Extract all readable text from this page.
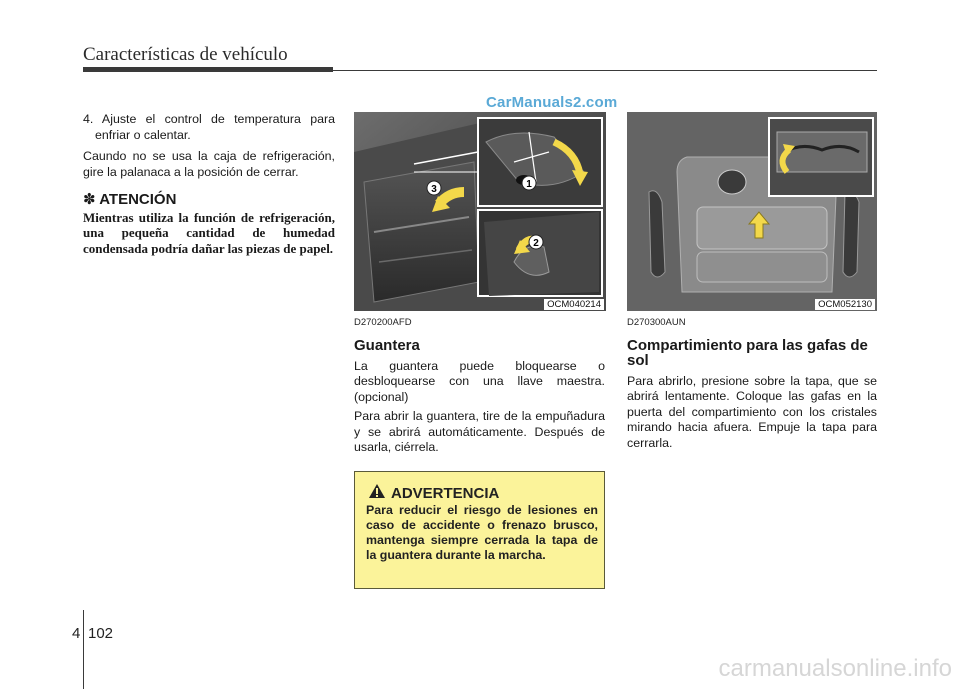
Características de vehículo
CarManuals2.com

4. Ajuste el control de temperatura para enfriar o calentar.

Caundo no se usa la caja de refrigeración, gire la palanaca a la posición de cerrar.

✽ ATENCIÓN

Mientras utiliza la función de refrigeración, una pequeña cantidad de humedad condensada podría dañar las piezas de papel.

1
2
3
OCM040214
D270200AFD
Guantera

La guantera puede bloquearse o desbloquearse con una llave maestra. (opcional)

Para abrir la guantera, tire de la empuñadura y se abrirá automáticamente. Después de usarla, ciérrela.

ADVERTENCIA
Para reducir el riesgo de lesiones en caso de accidente o frenazo brusco, mantenga siempre cerrada la tapa de la guantera durante la marcha.
OCM052130
D270300AUN
Compartimiento para las gafas de sol

Para abrirlo, presione sobre la tapa, que se abrirá lentamente. Coloque las gafas en la puerta del compartimiento con los cristales mirando hacia afuera. Empuje la tapa para cerrarla.

4 102
carmanualsonline.info
